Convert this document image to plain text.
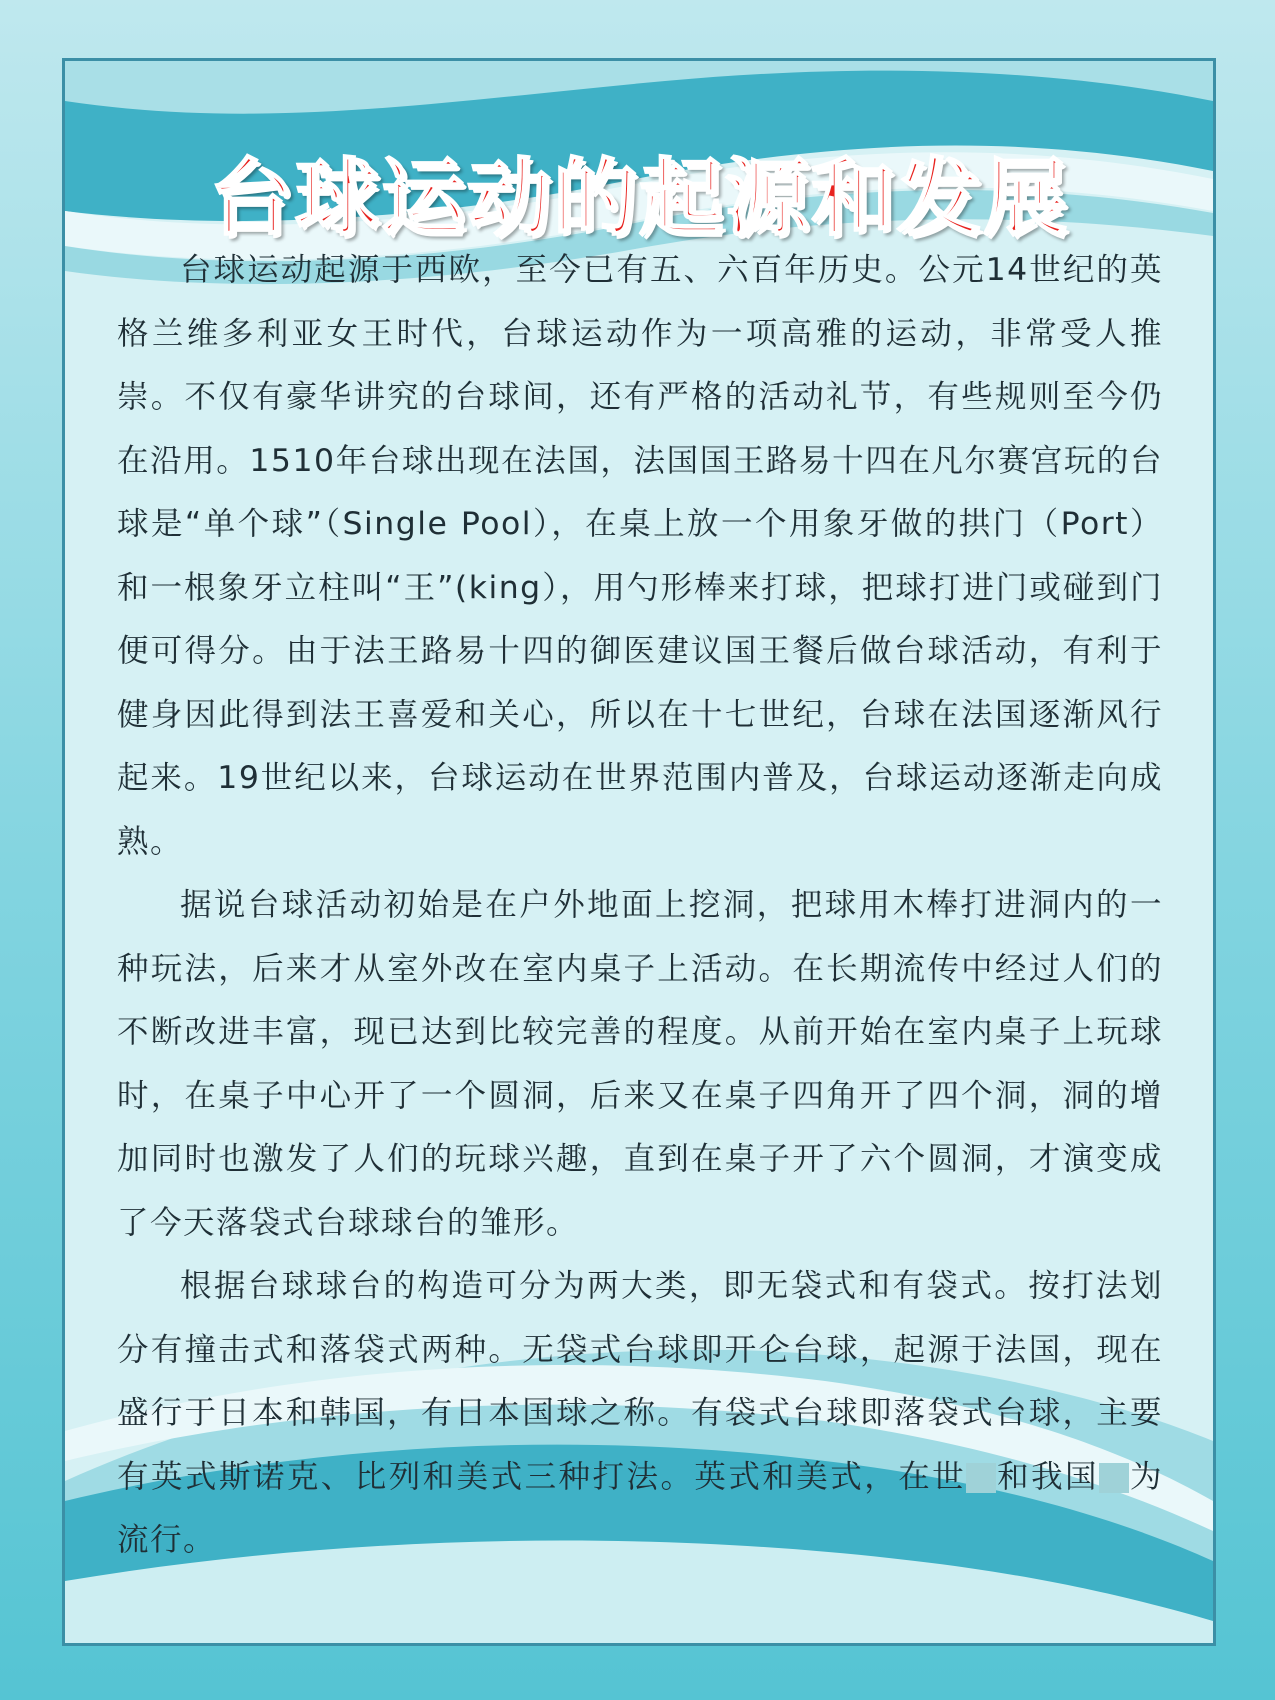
台球运动的起源和发展

台球运动起源于西欧，至今已有五、六百年历史。公元14世纪的英格兰维多利亚女王时代，台球运动作为一项高雅的运动，非常受人推崇。不仅有豪华讲究的台球间，还有严格的活动礼节，有些规则至今仍在沿用。1510年台球出现在法国，法国国王路易十四在凡尔赛宫玩的台球是“单个球”（Single Pool），在桌上放一个用象牙做的拱门（Port）和一根象牙立柱叫“王”(king），用勺形棒来打球，把球打进门或碰到门便可得分。由于法王路易十四的御医建议国王餐后做台球活动，有利于健身因此得到法王喜爱和关心，所以在十七世纪，台球在法国逐渐风行起来。19世纪以来，台球运动在世界范围内普及，台球运动逐渐走向成熟。

据说台球活动初始是在户外地面上挖洞，把球用木棒打进洞内的一种玩法，后来才从室外改在室内桌子上活动。在长期流传中经过人们的不断改进丰富，现已达到比较完善的程度。从前开始在室内桌子上玩球时，在桌子中心开了一个圆洞，后来又在桌子四角开了四个洞，洞的增加同时也激发了人们的玩球兴趣，直到在桌子开了六个圆洞，才演变成了今天落袋式台球球台的雏形。

根据台球球台的构造可分为两大类，即无袋式和有袋式。按打法划分有撞击式和落袋式两种。无袋式台球即开仑台球，起源于法国，现在盛行于日本和韩国，有日本国球之称。有袋式台球即落袋式台球，主要有英式斯诺克、比列和美式三种打法。英式和美式，在世 和我国 为流行。
